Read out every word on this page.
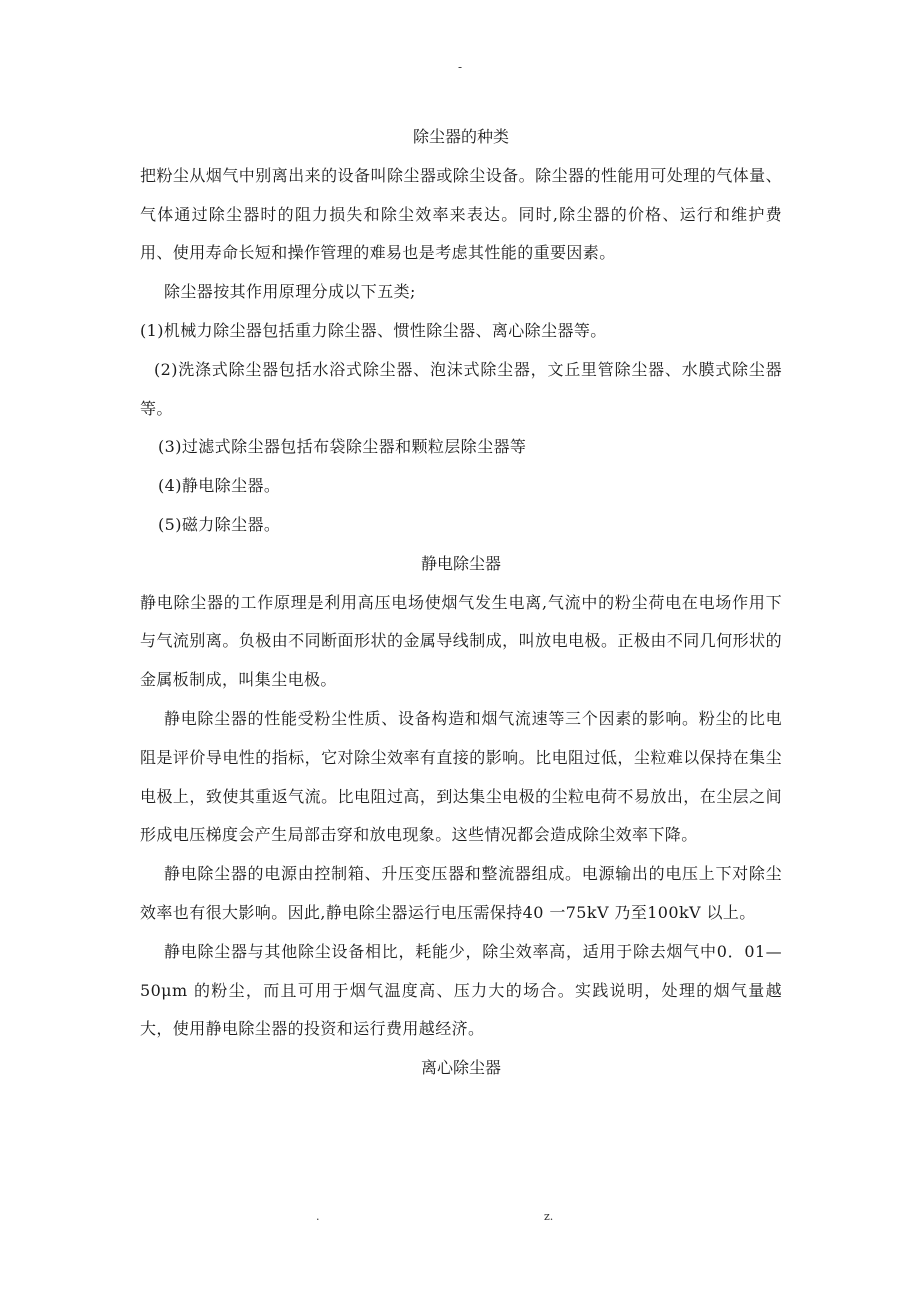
-
除尘器的种类

把粉尘从烟气中别离出来的设备叫除尘器或除尘设备。除尘器的性能用可处理的气体量、气体通过除尘器时的阻力损失和除尘效率来表达。同时,除尘器的价格、运行和维护费用、使用寿命长短和操作管理的难易也是考虑其性能的重要因素。

除尘器按其作用原理分成以下五类;

(1)机械力除尘器包括重力除尘器、惯性除尘器、离心除尘器等。

(2)洗涤式除尘器包括水浴式除尘器、泡沫式除尘器，文丘里管除尘器、水膜式除尘器等。

(3)过滤式除尘器包括布袋除尘器和颗粒层除尘器等

(4)静电除尘器。

(5)磁力除尘器。

静电除尘器

静电除尘器的工作原理是利用高压电场使烟气发生电离,气流中的粉尘荷电在电场作用下与气流别离。负极由不同断面形状的金属导线制成，叫放电电极。正极由不同几何形状的金属板制成，叫集尘电极。

静电除尘器的性能受粉尘性质、设备构造和烟气流速等三个因素的影响。粉尘的比电阻是评价导电性的指标，它对除尘效率有直接的影响。比电阻过低，尘粒难以保持在集尘电极上，致使其重返气流。比电阻过高，到达集尘电极的尘粒电荷不易放出，在尘层之间形成电压梯度会产生局部击穿和放电现象。这些情况都会造成除尘效率下降。

静电除尘器的电源由控制箱、升压变压器和整流器组成。电源输出的电压上下对除尘效率也有很大影响。因此,静电除尘器运行电压需保持40 一75kV 乃至100kV 以上。

静电除尘器与其他除尘设备相比，耗能少，除尘效率高，适用于除去烟气中0．01—50μm 的粉尘，而且可用于烟气温度高、压力大的场合。实践说明，处理的烟气量越大，使用静电除尘器的投资和运行费用越经济。

离心除尘器
.	z.
